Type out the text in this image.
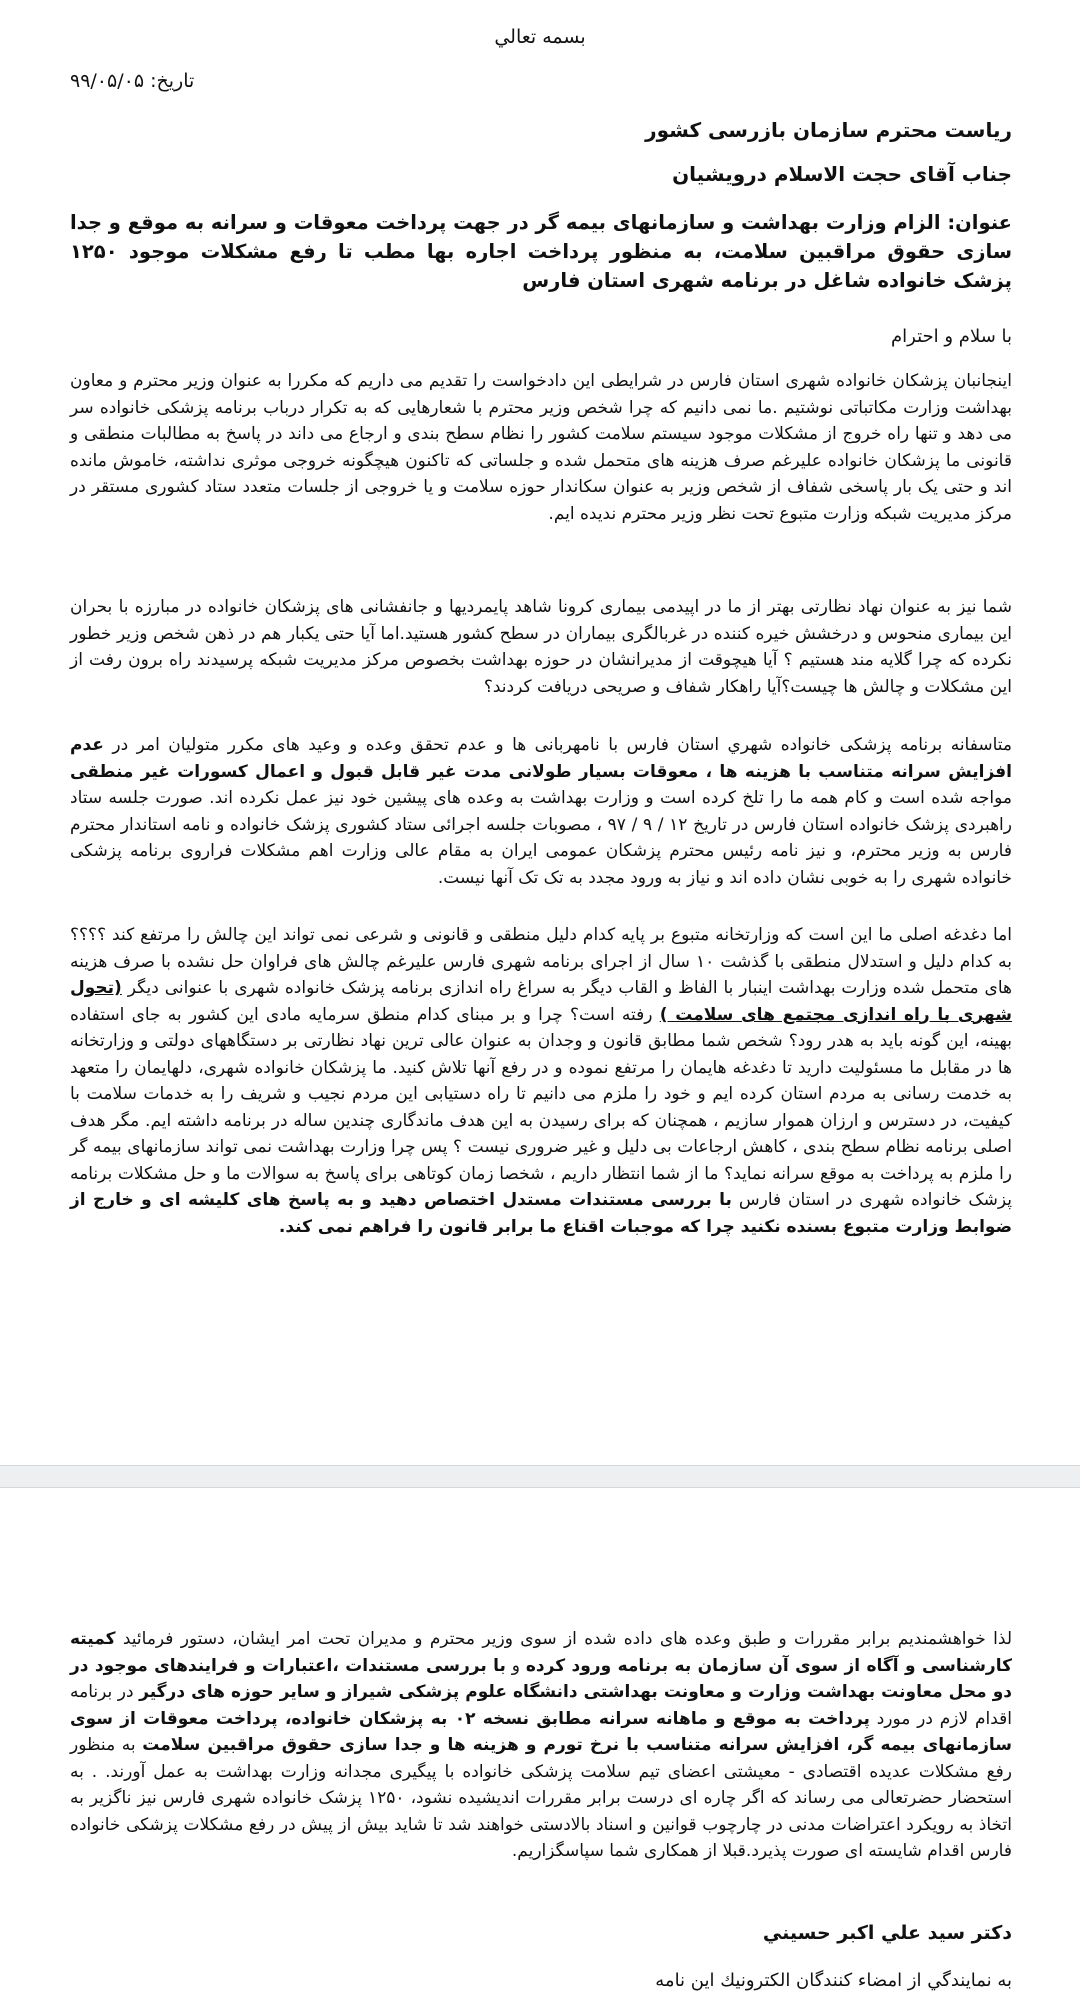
بسمه تعالي
تاریخ: ۹۹/۰۵/۰۵
ریاست محترم سازمان بازرسی کشور
جناب آقای حجت الاسلام درویشیان
عنوان: الزام وزارت بهداشت و سازمانهای بیمه گر در جهت پرداخت معوقات و سرانه به موقع و جدا سازی حقوق مراقبین سلامت، به منظور پرداخت اجاره بها مطب تا رفع مشکلات موجود ۱۲۵۰ پزشک خانواده شاغل در برنامه شهری استان فارس
با سلام و احترام
اینجانبان پزشکان خانواده شهری استان فارس در شرایطی این دادخواست را تقدیم می داریم که مکررا به عنوان وزیر محترم و معاون بهداشت وزارت مکاتباتی نوشتیم .ما نمی دانیم که چرا شخص وزیر محترم با شعارهایی که به تکرار درباب برنامه پزشکی خانواده سر می دهد و تنها راه خروج از مشکلات موجود سیستم سلامت کشور را نظام سطح بندی و ارجاع می داند در پاسخ به مطالبات منطقی و قانونی ما پزشکان خانواده علیرغم صرف هزینه های متحمل شده و جلساتی که تاکنون هیچگونه خروجی موثری نداشته، خاموش مانده اند و حتی یک بار پاسخی شفاف از شخص وزیر به عنوان سکاندار حوزه سلامت و یا خروجی از جلسات متعدد ستاد کشوری مستقر در مرکز مدیریت شبکه وزارت متبوع تحت نظر وزیر محترم ندیده ایم.
شما نیز به عنوان نهاد نظارتی بهتر از ما در اپیدمی بیماری کرونا شاهد پایمردیها و جانفشانی های پزشکان خانواده در مبارزه با بحران این بیماری منحوس و درخشش خیره کننده در غربالگری بیماران در سطح کشور هستید.اما آیا حتی یکبار هم در ذهن شخص وزیر خطور نکرده که چرا گلایه مند هستیم ؟ آیا هیچوقت از مدیرانشان در حوزه بهداشت بخصوص مرکز مدیریت شبکه پرسیدند راه برون رفت از این مشکلات و چالش ها چیست؟آیا راهکار شفاف و صریحی دریافت کردند؟
متاسفانه برنامه پزشکی خانواده شهري استان فارس با نامهربانی ها و عدم تحقق وعده و وعید های مکرر متولیان امر در عدم افزایش سرانه متناسب با هزینه ها ، معوقات بسیار طولانی مدت غیر قابل قبول و اعمال کسورات غیر منطقی مواجه شده است و کام همه ما را تلخ کرده است و وزارت بهداشت به وعده های پیشین خود نیز عمل نکرده اند. صورت جلسه ستاد راهبردی پزشک خانواده استان فارس در تاریخ ۱۲ / ۹ / ۹۷ ، مصوبات جلسه اجرائی ستاد کشوری پزشک خانواده و نامه استاندار محترم فارس به وزیر محترم، و نیز نامه رئیس محترم پزشکان عمومی ایران به مقام عالی وزارت اهم مشکلات فراروی برنامه پزشکی خانواده شهری را به خوبی نشان داده اند و نیاز به ورود مجدد به تک تک آنها نیست.
اما دغدغه اصلی ما این است که وزارتخانه متبوع بر پایه کدام دلیل منطقی و قانونی و شرعی نمی تواند این چالش را مرتفع کند ؟؟؟؟ به کدام دلیل و استدلال منطقی با گذشت ۱۰ سال از اجرای برنامه شهری فارس علیرغم چالش های فراوان حل نشده با صرف هزینه های متحمل شده وزارت بهداشت اینبار با الفاظ و القاب دیگر به سراغ راه اندازی برنامه پزشک خانواده شهری با عنوانی دیگر (تحول شهری با راه اندازی مجتمع های سلامت ) رفته است؟ چرا و بر مبنای کدام منطق سرمایه مادی این کشور به جای استفاده بهینه، این گونه باید به هدر رود؟ شخص شما مطابق قانون و وجدان به عنوان عالی ترین نهاد نظارتی بر دستگاههای دولتی و وزارتخانه ها در مقابل ما مسئولیت دارید تا دغدغه هایمان را مرتفع نموده و در رفع آنها تلاش کنید. ما پزشکان خانواده شهری، دلهایمان را متعهد به خدمت رسانی به مردم استان کرده ایم و خود را ملزم می دانیم تا راه دستیابی این مردم نجیب و شریف را به خدمات سلامت با کیفیت، در دسترس و ارزان هموار سازیم ، همچنان که برای رسیدن به این هدف ماندگاری چندین ساله در برنامه داشته ایم. مگر هدف اصلی برنامه نظام سطح بندی ، کاهش ارجاعات بی دلیل و غیر ضروری نیست ؟ پس چرا وزارت بهداشت نمی تواند سازمانهای بیمه گر را ملزم به پرداخت به موقع سرانه نماید؟ ما از شما انتظار داریم ، شخصا زمان کوتاهی برای پاسخ به سوالات ما و حل مشکلات برنامه پزشک خانواده شهری در استان فارس با بررسی مستندات مستدل اختصاص دهید و به پاسخ های کلیشه ای و خارج از ضوابط وزارت متبوع بسنده نکنید چرا که موجبات اقناع ما برابر قانون را فراهم نمی کند.
لذا خواهشمندیم برابر مقررات و طبق وعده های داده شده از سوی وزیر محترم و مدیران تحت امر ایشان، دستور فرمائید کمیته کارشناسی و آگاه از سوی آن سازمان به برنامه ورود کرده و با بررسی مستندات ،اعتبارات و فرایندهای موجود در دو محل معاونت بهداشت وزارت و معاونت بهداشتی دانشگاه علوم پزشکی شیراز و سایر حوزه های درگیر در برنامه اقدام لازم در مورد پرداخت به موقع و ماهانه سرانه مطابق نسخه ۰۲ به پزشکان خانواده، پرداخت معوقات از سوی سازمانهای بیمه گر، افزایش سرانه متناسب با نرخ تورم و هزینه ها و جدا سازی حقوق مراقبین سلامت به منظور رفع مشکلات عدیده اقتصادی - معیشتی اعضای تیم سلامت پزشکی خانواده با پیگیری مجدانه وزارت بهداشت به عمل آورند. . به استحضار حضرتعالی می رساند که اگر چاره ای درست برابر مقررات اندیشیده نشود، ۱۲۵۰ پزشک خانواده شهری فارس نیز ناگزیر به اتخاذ به رویکرد اعتراضات مدنی در چارچوب قوانین و اسناد بالادستی خواهند شد تا شاید بیش از پیش در رفع مشکلات پزشکی خانواده فارس اقدام شایسته ای صورت پذیرد.قبلا از همکاری شما سپاسگزاریم.
دکتر سید علي اکبر حسیني
به نمایندگي از امضاء کنندگان الکترونیك این نامه
